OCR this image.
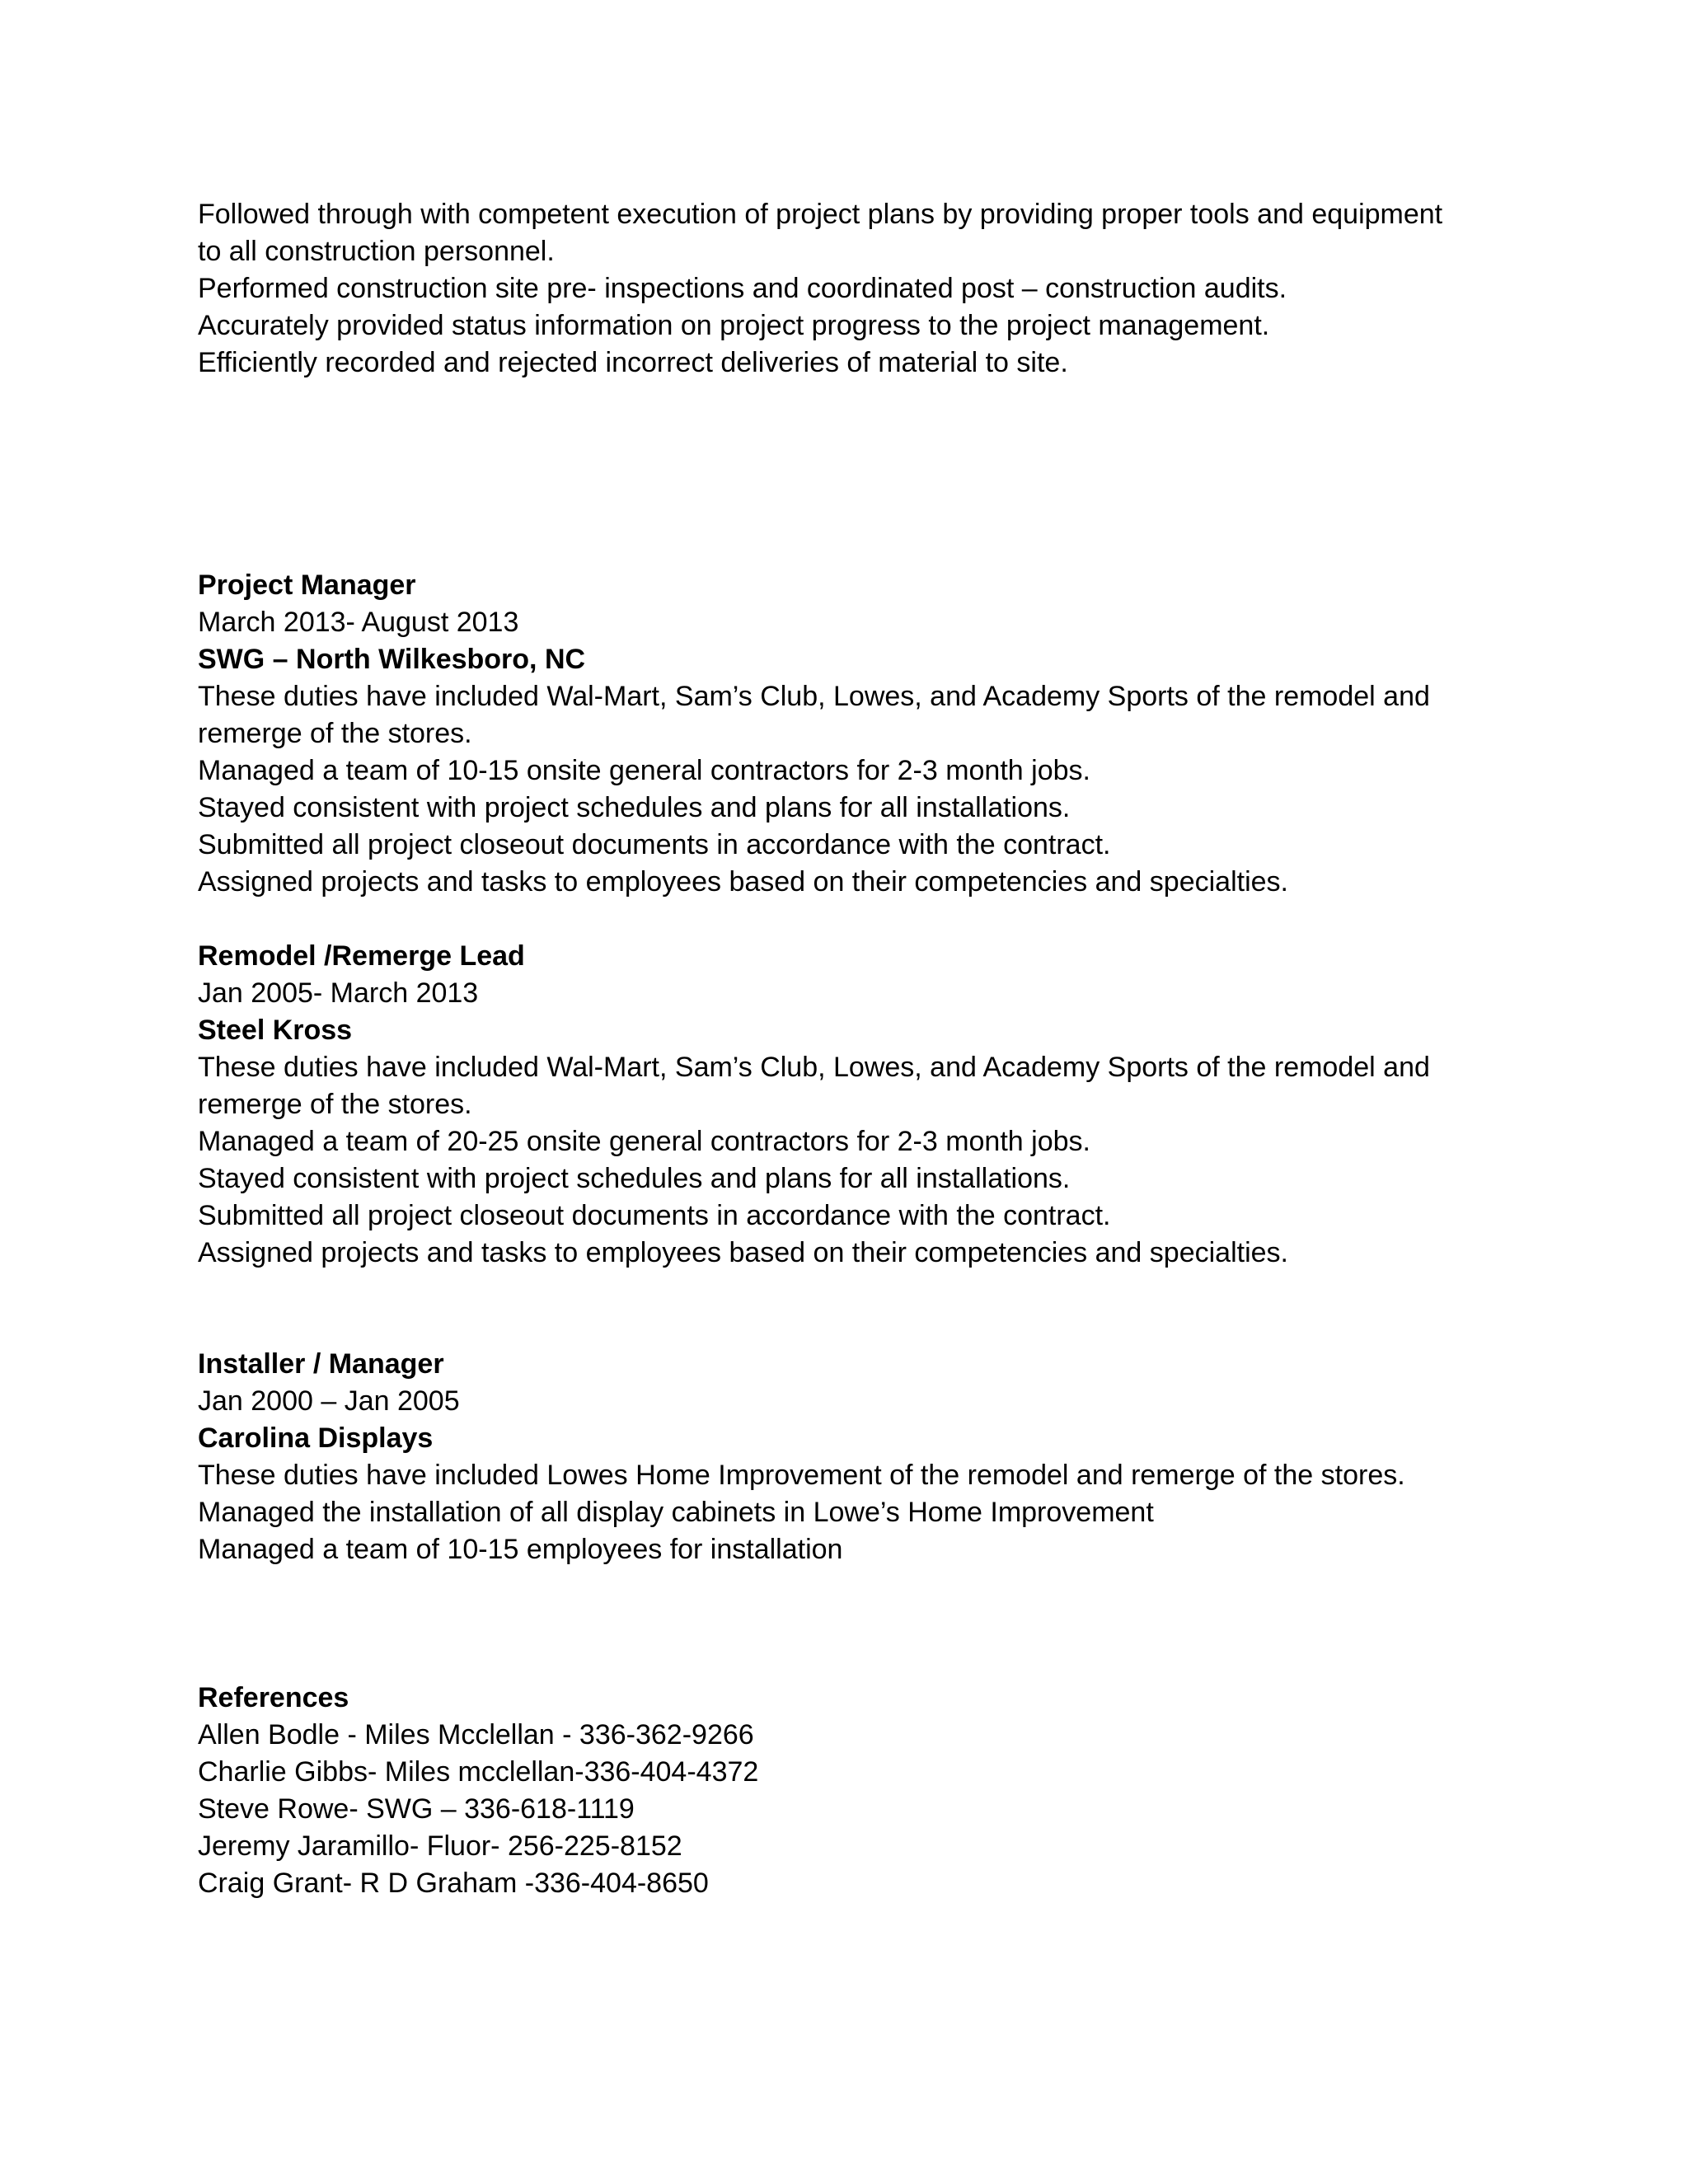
Followed through with competent execution of project plans by providing proper tools and equipment

to all construction personnel.

Performed construction site pre- inspections and coordinated post – construction audits.

Accurately provided status information on project progress to the project management.

Efficiently recorded and rejected incorrect deliveries of material to site.

Project Manager

March 2013- August 2013

SWG – North Wilkesboro, NC

These duties have included Wal-Mart, Sam’s Club, Lowes, and Academy Sports of the remodel and

remerge of the stores.

Managed a team of 10-15 onsite general contractors for 2-3 month jobs.

Stayed consistent with project schedules and plans for all installations.

Submitted all project closeout documents in accordance with the contract.

Assigned projects and tasks to employees based on their competencies and specialties.

Remodel /Remerge Lead

Jan 2005- March 2013

Steel Kross

These duties have included Wal-Mart, Sam’s Club, Lowes, and Academy Sports of the remodel and

remerge of the stores.

Managed a team of 20-25 onsite general contractors for 2-3 month jobs.

Stayed consistent with project schedules and plans for all installations.

Submitted all project closeout documents in accordance with the contract.

Assigned projects and tasks to employees based on their competencies and specialties.

Installer / Manager

Jan 2000 – Jan 2005

Carolina Displays

These duties have included Lowes Home Improvement of the remodel and remerge of the stores.

Managed the installation of all display cabinets in Lowe’s Home Improvement

Managed a team of 10-15 employees for installation

References

Allen Bodle - Miles Mcclellan - 336-362-9266

Charlie Gibbs- Miles mcclellan-336-404-4372

Steve Rowe- SWG – 336-618-1119

Jeremy Jaramillo- Fluor- 256-225-8152

Craig Grant- R D Graham -336-404-8650
